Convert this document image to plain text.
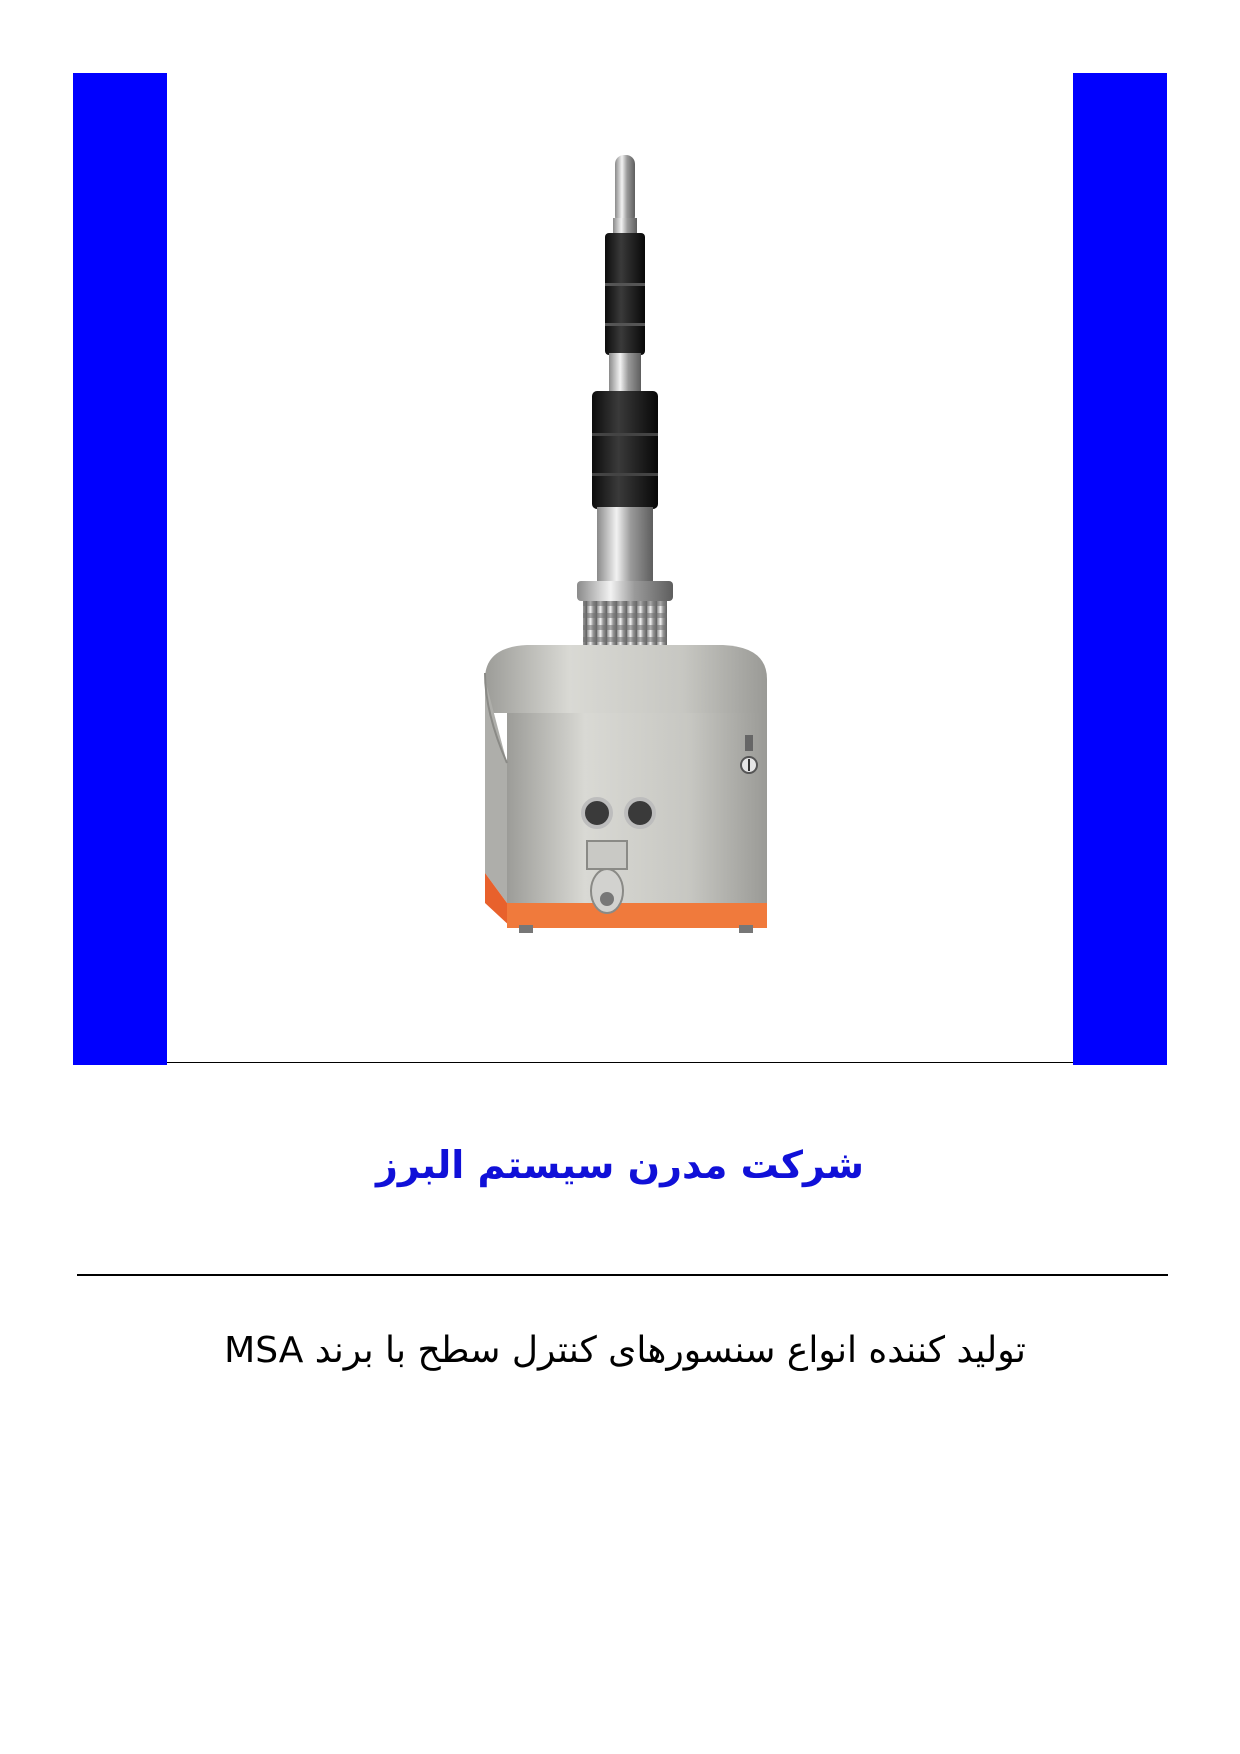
شرکت مدرن سیستم البرز
تولید کننده انواع سنسورهای کنترل سطح با برند MSA
